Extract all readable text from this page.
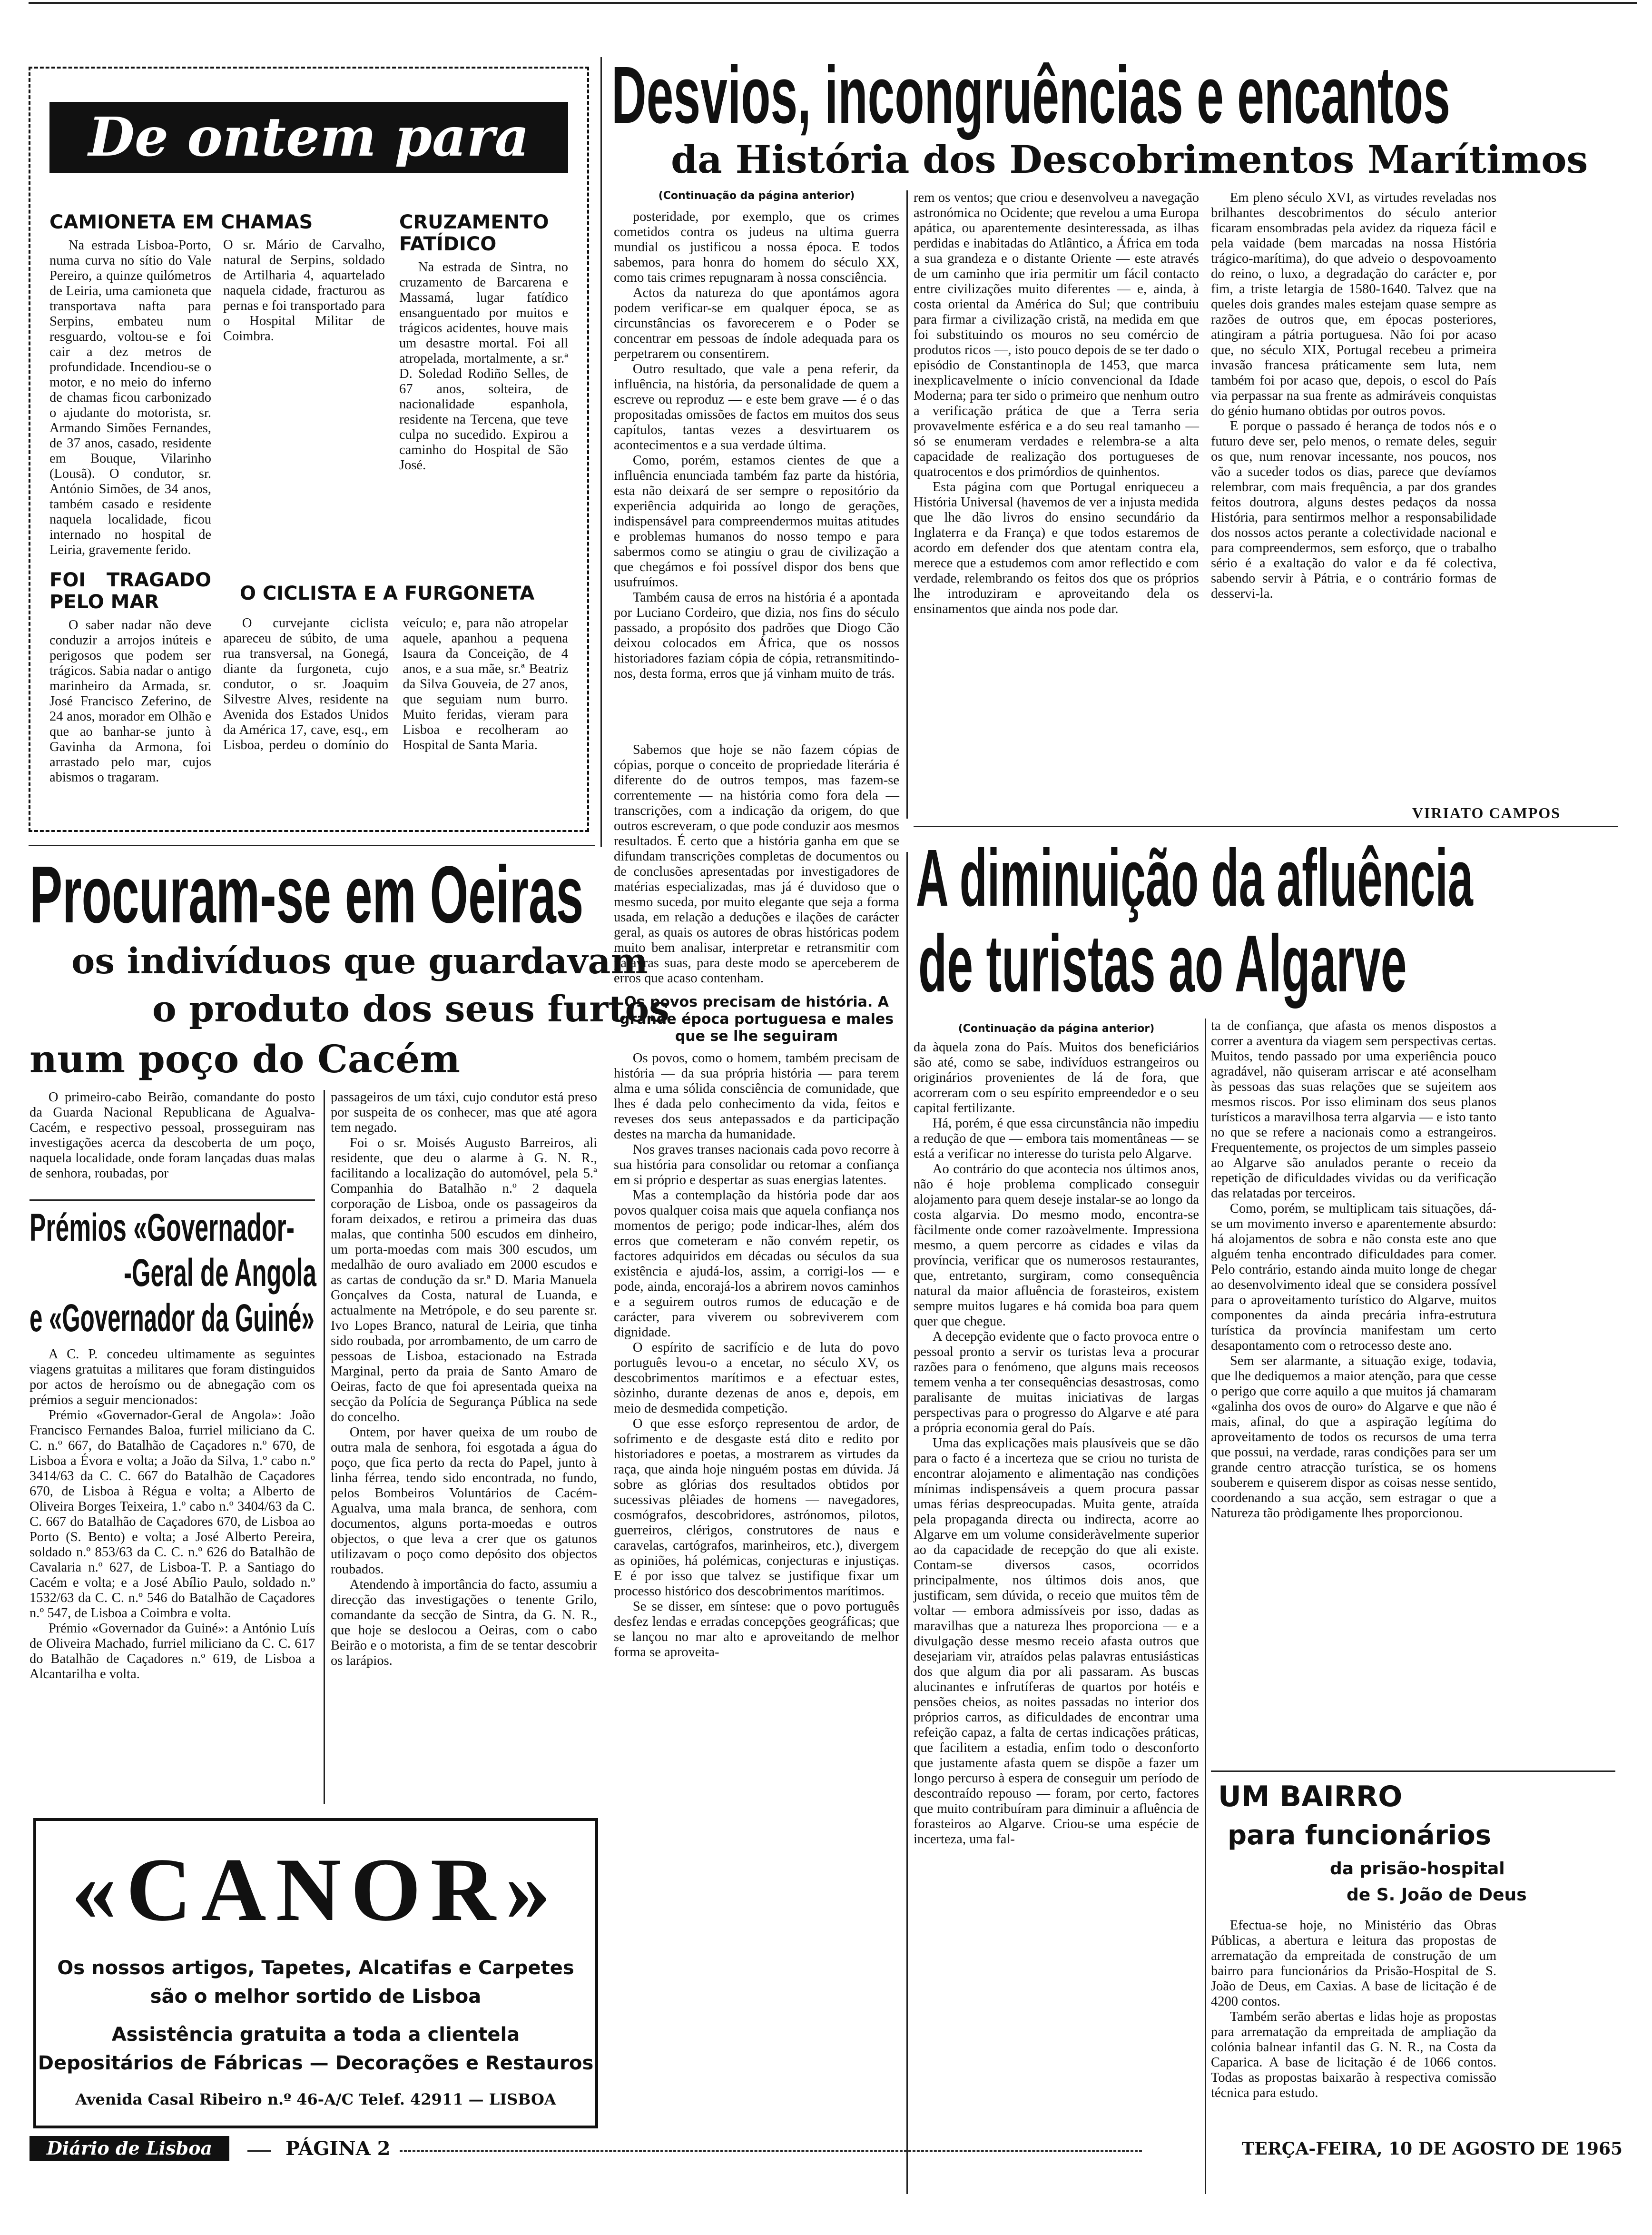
De ontem para hoje
CAMIONETA EM CHAMAS

Na estrada Lisboa-Porto, numa curva no sítio do Vale Pereiro, a quinze quilómetros de Leiria, uma camioneta que transportava nafta para Serpins, embateu num resguardo, voltou-se e foi cair a dez metros de profundidade. Incendiou-se o motor, e no meio do inferno de chamas ficou carbonizado o ajudante do motorista, sr. Armando Simões Fernandes, de 37 anos, casado, residente em Bouque, Vilarinho (Lousã). O condutor, sr. António Simões, de 34 anos, também casado e residente naquela localidade, ficou internado no hospital de Leiria, gravemente ferido.

FOI TRAGADO PELO MAR

O saber nadar não deve conduzir a arrojos inúteis e perigosos que podem ser trágicos. Sabia nadar o antigo marinheiro da Armada, sr. José Francisco Zeferino, de 24 anos, morador em Olhão e que ao banhar-se junto à Gavinha da Armona, foi arrastado pelo mar, cujos abismos o tragaram.

O sr. Mário de Carvalho, natural de Serpins, soldado de Artilharia 4, aquartelado naquela cidade, fracturou as pernas e foi transportado para o Hospital Militar de Coimbra.

CRUZAMENTO FATÍDICO

Na estrada de Sintra, no cruzamento de Barcarena e Massamá, lugar fatídico ensanguentado por muitos e trágicos acidentes, houve mais um desastre mortal. Foi all atropelada, mortalmente, a sr.ª D. Soledad Rodiño Selles, de 67 anos, solteira, de nacionalidade espanhola, residente na Tercena, que teve culpa no sucedido. Expirou a caminho do Hospital de São José.

O CICLISTA E A FURGONETA

O curvejante ciclista apareceu de súbito, de uma rua transversal, na Gonegá, diante da furgoneta, cujo condutor, o sr. Joaquim Silvestre Alves, residente na Avenida dos Estados Unidos da América 17, cave, esq., em Lisboa, perdeu o domínio do veículo; e, para não atropelar aquele, apanhou a pequena Isaura da Conceição, de 4 anos, e a sua mãe, sr.ª Beatriz da Silva Gouveia, de 27 anos, que seguiam num burro. Muito feridas, vieram para Lisboa e recolheram ao Hospital de Santa Maria.

Desvios, incongruências e encantos
da História dos Descobrimentos Marítimos
(Continuação da página anterior)

posteridade, por exemplo, que os crimes cometidos contra os judeus na ultima guerra mundial os justificou a nossa época. E todos sabemos, para honra do homem do século XX, como tais crimes repugnaram à nossa consciência.

Actos da natureza do que apontámos agora podem verificar-se em qualquer época, se as circunstâncias os favorecerem e o Poder se concentrar em pessoas de índole adequada para os perpetrarem ou consentirem.

Outro resultado, que vale a pena referir, da influência, na história, da personalidade de quem a escreve ou reproduz — e este bem grave — é o das propositadas omissões de factos em muitos dos seus capítulos, tantas vezes a desvirtuarem os acontecimentos e a sua verdade última.

Como, porém, estamos cientes de que a influência enunciada também faz parte da história, esta não deixará de ser sempre o repositório da experiência adquirida ao longo de gerações, indispensável para compreendermos muitas atitudes e problemas humanos do nosso tempo e para sabermos como se atingiu o grau de civilização a que chegámos e foi possível dispor dos bens que usufruímos.

Também causa de erros na história é a apontada por Luciano Cordeiro, que dizia, nos fins do século passado, a propósito dos padrões que Diogo Cão deixou colocados em África, que os nossos historiadores faziam cópia de cópia, retransmitindo-nos, desta forma, erros que já vinham muito de trás.

rem os ventos; que criou e desenvolveu a navegação astronómica no Ocidente; que revelou a uma Europa apática, ou aparentemente desinteressada, as ilhas perdidas e inabitadas do Atlântico, a África em toda a sua grandeza e o distante Oriente — este através de um caminho que iria permitir um fácil contacto entre civilizações muito diferentes — e, ainda, à costa oriental da América do Sul; que contribuiu para firmar a civilização cristã, na medida em que foi substituindo os mouros no seu comércio de produtos ricos —, isto pouco depois de se ter dado o episódio de Constantinopla de 1453, que marca inexplicavelmente o início convencional da Idade Moderna; para ter sido o primeiro que nenhum outro a verificação prática de que a Terra seria provavelmente esférica e a do seu real tamanho — só se enumeram verdades e relembra-se a alta capacidade de realização dos portugueses de quatrocentos e dos primórdios de quinhentos.

Esta página com que Portugal enriqueceu a História Universal (havemos de ver a injusta medida que lhe dão livros do ensino secundário da Inglaterra e da França) e que todos estaremos de acordo em defender dos que atentam contra ela, merece que a estudemos com amor reflectido e com verdade, relembrando os feitos dos que os próprios lhe introduziram e aproveitando dela os ensinamentos que ainda nos pode dar.

Em pleno século XVI, as virtudes reveladas nos brilhantes descobrimentos do século anterior ficaram ensombradas pela avidez da riqueza fácil e pela vaidade (bem marcadas na nossa História trágico-marítima), do que adveio o despovoamento do reino, o luxo, a degradação do carácter e, por fim, a triste letargia de 1580-1640. Talvez que na queles dois grandes males estejam quase sempre as razões de outros que, em épocas posteriores, atingiram a pátria portuguesa. Não foi por acaso que, no século XIX, Portugal recebeu a primeira invasão francesa práticamente sem luta, nem também foi por acaso que, depois, o escol do País via perpassar na sua frente as admiráveis conquistas do génio humano obtidas por outros povos.

E porque o passado é herança de todos nós e o futuro deve ser, pelo menos, o remate deles, seguir os que, num renovar incessante, nos poucos, nos vão a suceder todos os dias, parece que devíamos relembrar, com mais frequência, a par dos grandes feitos doutrora, alguns destes pedaços da nossa História, para sentirmos melhor a responsabilidade dos nossos actos perante a colectividade nacional e para compreendermos, sem esforço, que o trabalho sério é a exaltação do valor e da fé colectiva, sabendo servir à Pátria, e o contrário formas de desservi-la.

VIRIATO CAMPOS

Sabemos que hoje se não fazem cópias de cópias, porque o conceito de propriedade literária é diferente do de outros tempos, mas fazem-se correntemente — na história como fora dela — transcrições, com a indicação da origem, do que outros escreveram, o que pode conduzir aos mesmos resultados. É certo que a história ganha em que se difundam transcrições completas de documentos ou de conclusões apresentadas por investigadores de matérias especializadas, mas já é duvidoso que o mesmo suceda, por muito elegante que seja a forma usada, em relação a deduções e ilações de carácter geral, as quais os autores de obras históricas podem muito bem analisar, interpretar e retransmitir com palavras suas, para deste modo se aperceberem de erros que acaso contenham.

Os povos precisam de história. A grande época portuguesa e males que se lhe seguiram

Os povos, como o homem, também precisam de história — da sua própria história — para terem alma e uma sólida consciência de comunidade, que lhes é dada pelo conhecimento da vida, feitos e reveses dos seus antepassados e da participação destes na marcha da humanidade.

Nos graves transes nacionais cada povo recorre à sua história para consolidar ou retomar a confiança em si próprio e despertar as suas energias latentes.

Mas a contemplação da história pode dar aos povos qualquer coisa mais que aquela confiança nos momentos de perigo; pode indicar-lhes, além dos erros que cometeram e não convém repetir, os factores adquiridos em décadas ou séculos da sua existência e ajudá-los, assim, a corrigi-los — e pode, ainda, encorajá-los a abrirem novos caminhos e a seguirem outros rumos de educação e de carácter, para viverem ou sobreviverem com dignidade.

O espírito de sacrifício e de luta do povo português levou-o a encetar, no século XV, os descobrimentos marítimos e a efectuar estes, sòzinho, durante dezenas de anos e, depois, em meio de desmedida competição.

O que esse esforço representou de ardor, de sofrimento e de desgaste está dito e redito por historiadores e poetas, a mostrarem as virtudes da raça, que ainda hoje ninguém postas em dúvida. Já sobre as glórias dos resultados obtidos por sucessivas plêiades de homens — navegadores, cosmógrafos, descobridores, astrónomos, pilotos, guerreiros, clérigos, construtores de naus e caravelas, cartógrafos, marinheiros, etc.), divergem as opiniões, há polémicas, conjecturas e injustiças. E é por isso que talvez se justifique fixar um processo histórico dos descobrimentos marítimos.

Se se disser, em síntese: que o povo português desfez lendas e erradas concepções geográficas; que se lançou no mar alto e aproveitando de melhor forma se aproveita-

A diminuição da afluência
de turistas ao Algarve
(Continuação da página anterior)

da àquela zona do País. Muitos dos beneficiários são até, como se sabe, indivíduos estrangeiros ou originários provenientes de lá de fora, que acorreram com o seu espírito empreendedor e o seu capital fertilizante.

Há, porém, é que essa circunstância não impediu a redução de que — embora tais momentâneas — se está a verificar no interesse do turista pelo Algarve.

Ao contrário do que acontecia nos últimos anos, não é hoje problema complicado conseguir alojamento para quem deseje instalar-se ao longo da costa algarvia. Do mesmo modo, encontra-se fàcilmente onde comer razoàvelmente. Impressiona mesmo, a quem percorre as cidades e vilas da província, verificar que os numerosos restaurantes, que, entretanto, surgiram, como consequência natural da maior afluência de forasteiros, existem sempre muitos lugares e há comida boa para quem quer que chegue.

A decepção evidente que o facto provoca entre o pessoal pronto a servir os turistas leva a procurar razões para o fenómeno, que alguns mais receosos temem venha a ter consequências desastrosas, como paralisante de muitas iniciativas de largas perspectivas para o progresso do Algarve e até para a própria economia geral do País.

Uma das explicações mais plausíveis que se dão para o facto é a incerteza que se criou no turista de encontrar alojamento e alimentação nas condições mínimas indispensáveis a quem procura passar umas férias despreocupadas. Muita gente, atraída pela propaganda directa ou indirecta, acorre ao Algarve em um volume consideràvelmente superior ao da capacidade de recepção do que ali existe. Contam-se diversos casos, ocorridos principalmente, nos últimos dois anos, que justificam, sem dúvida, o receio que muitos têm de voltar — embora admissíveis por isso, dadas as maravilhas que a natureza lhes proporciona — e a divulgação desse mesmo receio afasta outros que desejariam vir, atraídos pelas palavras entusiásticas dos que algum dia por ali passaram. As buscas alucinantes e infrutíferas de quartos por hotéis e pensões cheios, as noites passadas no interior dos próprios carros, as dificuldades de encontrar uma refeição capaz, a falta de certas indicações práticas, que facilitem a estadia, enfim todo o desconforto que justamente afasta quem se dispõe a fazer um longo percurso à espera de conseguir um período de descontraído repouso — foram, por certo, factores que muito contribuíram para diminuir a afluência de forasteiros ao Algarve. Criou-se uma espécie de incerteza, uma fal-

ta de confiança, que afasta os menos dispostos a correr a aventura da viagem sem perspectivas certas. Muitos, tendo passado por uma experiência pouco agradável, não quiseram arriscar e até aconselham às pessoas das suas relações que se sujeitem aos mesmos riscos. Por isso eliminam dos seus planos turísticos a maravilhosa terra algarvia — e isto tanto no que se refere a nacionais como a estrangeiros. Frequentemente, os projectos de um simples passeio ao Algarve são anulados perante o receio da repetição de dificuldades vividas ou da verificação das relatadas por terceiros.

Como, porém, se multiplicam tais situações, dá-se um movimento inverso e aparentemente absurdo: há alojamentos de sobra e não consta este ano que alguém tenha encontrado dificuldades para comer. Pelo contrário, estando ainda muito longe de chegar ao desenvolvimento ideal que se considera possível para o aproveitamento turístico do Algarve, muitos componentes da ainda precária infra-estrutura turística da província manifestam um certo desapontamento com o retrocesso deste ano.

Sem ser alarmante, a situação exige, todavia, que lhe dediquemos a maior atenção, para que cesse o perigo que corre aquilo a que muitos já chamaram «galinha dos ovos de ouro» do Algarve e que não é mais, afinal, do que a aspiração legítima do aproveitamento de todos os recursos de uma terra que possui, na verdade, raras condições para ser um grande centro atracção turística, se os homens souberem e quiserem dispor as coisas nesse sentido, coordenando a sua acção, sem estragar o que a Natureza tão pròdigamente lhes proporcionou.

UM BAIRRO
para funcionários
da prisão-hospital
de S. João de Deus

Efectua-se hoje, no Ministério das Obras Públicas, a abertura e leitura das propostas de arrematação da empreitada de construção de um bairro para funcionários da Prisão-Hospital de S. João de Deus, em Caxias. A base de licitação é de 4200 contos.

Também serão abertas e lidas hoje as propostas para arrematação da empreitada de ampliação da colónia balnear infantil das G. N. R., na Costa da Caparica. A base de licitação é de 1066 contos. Todas as propostas baixarão à respectiva comissão técnica para estudo.

Procuram-se em Oeiras
os indivíduos que guardavam
o produto dos seus furtos
num poço do Cacém

O primeiro-cabo Beirão, comandante do posto da Guarda Nacional Republicana de Agualva-Cacém, e respectivo pessoal, prosseguiram nas investigações acerca da descoberta de um poço, naquela localidade, onde foram lançadas duas malas de senhora, roubadas, por

passageiros de um táxi, cujo condutor está preso por suspeita de os conhecer, mas que até agora tem negado.

Foi o sr. Moisés Augusto Barreiros, ali residente, que deu o alarme à G. N. R., facilitando a localização do automóvel, pela 5.ª Companhia do Batalhão n.º 2 daquela corporação de Lisboa, onde os passageiros da foram deixados, e retirou a primeira das duas malas, que continha 500 escudos em dinheiro, um porta-moedas com mais 300 escudos, um medalhão de ouro avaliado em 2000 escudos e as cartas de condução da sr.ª D. Maria Manuela Gonçalves da Costa, natural de Luanda, e actualmente na Metrópole, e do seu parente sr. Ivo Lopes Branco, natural de Leiria, que tinha sido roubada, por arrombamento, de um carro de pessoas de Lisboa, estacionado na Estrada Marginal, perto da praia de Santo Amaro de Oeiras, facto de que foi apresentada queixa na secção da Polícia de Segurança Pública na sede do concelho.

Ontem, por haver queixa de um roubo de outra mala de senhora, foi esgotada a água do poço, que fica perto da recta do Papel, junto à linha férrea, tendo sido encontrada, no fundo, pelos Bombeiros Voluntários de Cacém-Agualva, uma mala branca, de senhora, com documentos, alguns porta-moedas e outros objectos, o que leva a crer que os gatunos utilizavam o poço como depósito dos objectos roubados.

Atendendo à importância do facto, assumiu a direcção das investigações o tenente Grilo, comandante da secção de Sintra, da G. N. R., que hoje se deslocou a Oeiras, com o cabo Beirão e o motorista, a fim de se tentar descobrir os larápios.

Prémios «Governador-
-Geral de Angola
e «Governador da Guiné»

A C. P. concedeu ultimamente as seguintes viagens gratuitas a militares que foram distinguidos por actos de heroísmo ou de abnegação com os prémios a seguir mencionados:

Prémio «Governador-Geral de Angola»: João Francisco Fernandes Baloa, furriel miliciano da C. C. n.º 667, do Batalhão de Caçadores n.º 670, de Lisboa a Évora e volta; a João da Silva, 1.º cabo n.º 3414/63 da C. C. 667 do Batalhão de Caçadores 670, de Lisboa à Régua e volta; a Alberto de Oliveira Borges Teixeira, 1.º cabo n.º 3404/63 da C. C. 667 do Batalhão de Caçadores 670, de Lisboa ao Porto (S. Bento) e volta; a José Alberto Pereira, soldado n.º 853/63 da C. C. n.º 626 do Batalhão de Cavalaria n.º 627, de Lisboa-T. P. a Santiago do Cacém e volta; e a José Abílio Paulo, soldado n.º 1532/63 da C. C. n.º 546 do Batalhão de Caçadores n.º 547, de Lisboa a Coimbra e volta.

Prémio «Governador da Guiné»: a António Luís de Oliveira Machado, furriel miliciano da C. C. 617 do Batalhão de Caçadores n.º 619, de Lisboa a Alcantarilha e volta.

«CANOR»
Os nossos artigos, Tapetes, Alcatifas e Carpetes
são o melhor sortido de Lisboa
Assistência gratuita a toda a clientela
Depositários de Fábricas — Decorações e Restauros
Avenida Casal Ribeiro n.º 46-A/C Telef. 42911 — LISBOA
Diário de Lisboa	PÁGINA 2	TERÇA-FEIRA, 10 DE AGOSTO DE 1965
